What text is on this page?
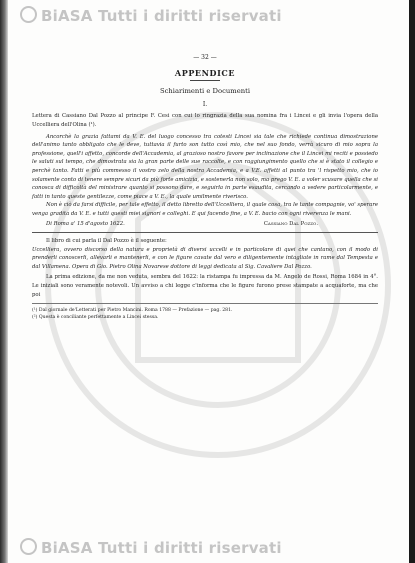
BiASA Tutti i diritti riservati
— 32 —
APPENDICE
Schiarimenti e Documenti
I.

Lettera di Cassiano Dal Pozzo al principe F. Cesi con cui lo ringrazia della sua nomina fra i Lincei e gli invia l'opera della Uccelliera dell'Olina (¹).

Ancorchè la grazia fattami da V. E. del luogo concesso tra cotesti Lincei sia tale che richiede continua dimostrazione dell'animo tanto obbligato che le deve, tuttavia il furto son tutto così mio, che nel suo fondo, verrà sicuro di mio sopra la professione, quell'i affetto, concorde dell'Accademia, al grazioso nostro favore per inclinazione che il Lincei mi reciti e possiedo le saluti sul tempo, che dimostrata sia la gran parte delle sue raccolte, e con raggiungimento quello che si è stato il collegio e perchè tanto. Fatti e più commesso il vostro zelo della nostra Accademia, e a V.E. affetti al punto tra 'l rispetto mio, che io solamente conto di tenere sempre sicuri da più forte amicizia, e sostenerla non solo, ma prego V. E. a voler scusare quella che si conosca di difficoltà del ministrare quanto si possono dare, e seguirla in parte esaudita, cercando a vedere particolarmente, e fatti in tanto queste gentilezze, come piace a V. E., la quale umilmente riverisco.

Non è ciò da farsi difficile, per tale effetto, il detto libretto dell'Uccelliera, il quale cosa, tra le tante compagnie, vo' sperare venga gradita da V. E. e tutti questi miei signori e colleghi. E qui facendo fine, a V. E. bacio con ogni riverenza le mani.

Di Roma a' 15 d'agosto 1622.	Cassiano Dal Pozzo.

Il libro di cui parla il Dal Pozzo è il seguente:

Uccelliera, ovvero discorso della natura e proprietà di diversi uccelli e in particolare di quei che cantano, con il modo di prenderli conoscerli, allevarli e mantenerli, e con le figure cavate dal vero e diligentemente intagliate in rame dal Tempesta e dal Villamena. Opera di Gio. Pietro Olina Novarese dottore di leggi dedicata al Sig. Cavaliere Dal Pozzo.

La prima edizione, da me non veduta, sembra del 1622: la ristampa fu impressa da M. Angelo de Rossi, Roma 1684 in 4°. Le iniziali sono veramente notevoli. Un avviso a chi legge c'informa che le figure furono prese stampate a acquaforte, ma che poi

(¹) Dal giornale de'Letterati per Pietro Mancini. Roma 1788 — Prefazione — pag. 281.
(²) Questa è conciliante perfettamente a Lincei stessa.
BiASA Tutti i diritti riservati
